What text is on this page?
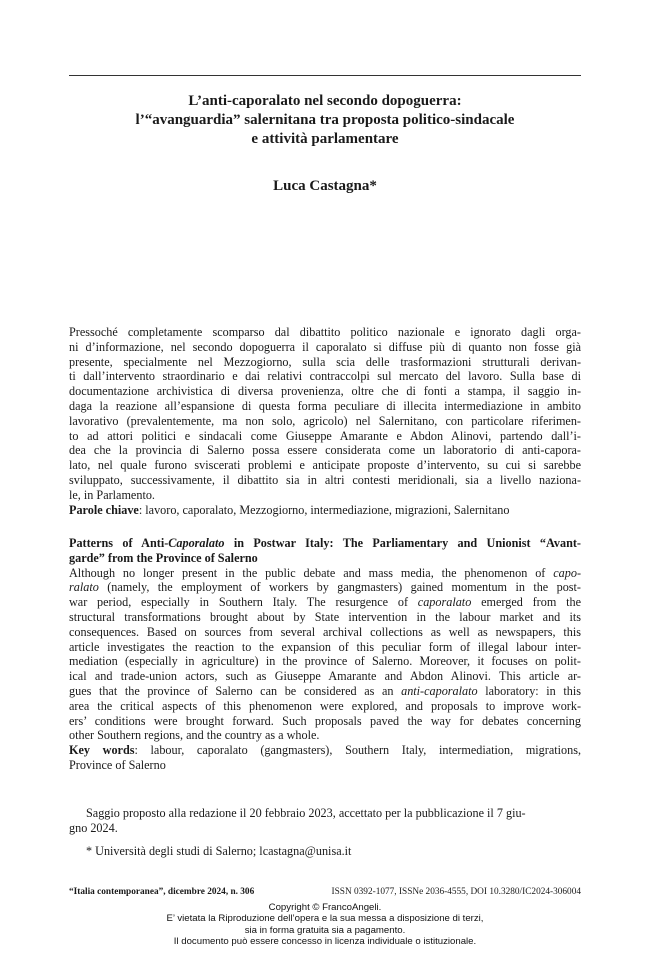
L’anti-caporalato nel secondo dopoguerra:
l’“avanguardia” salernitana tra proposta politico-sindacale
e attività parlamentare
Luca Castagna*
Pressoché completamente scomparso dal dibattito politico nazionale e ignorato dagli orga-
ni d’informazione, nel secondo dopoguerra il caporalato si diffuse più di quanto non fosse già
presente, specialmente nel Mezzogiorno, sulla scia delle trasformazioni strutturali derivan-
ti dall’intervento straordinario e dai relativi contraccolpi sul mercato del lavoro. Sulla base di
documentazione archivistica di diversa provenienza, oltre che di fonti a stampa, il saggio in-
daga la reazione all’espansione di questa forma peculiare di illecita intermediazione in ambito
lavorativo (prevalentemente, ma non solo, agricolo) nel Salernitano, con particolare riferimen-
to ad attori politici e sindacali come Giuseppe Amarante e Abdon Alinovi, partendo dall’i-
dea che la provincia di Salerno possa essere considerata come un laboratorio di anti-capora-
lato, nel quale furono sviscerati problemi e anticipate proposte d’intervento, su cui si sarebbe
sviluppato, successivamente, il dibattito sia in altri contesti meridionali, sia a livello naziona-
le, in Parlamento.
Parole chiave: lavoro, caporalato, Mezzogiorno, intermediazione, migrazioni, Salernitano
Patterns of Anti-Caporalato in Postwar Italy: The Parliamentary and Unionist “Avant-
garde” from the Province of Salerno
Although no longer present in the public debate and mass media, the phenomenon of capo-
ralato (namely, the employment of workers by gangmasters) gained momentum in the post-
war period, especially in Southern Italy. The resurgence of caporalato emerged from the
structural transformations brought about by State intervention in the labour market and its
consequences. Based on sources from several archival collections as well as newspapers, this
article investigates the reaction to the expansion of this peculiar form of illegal labour inter-
mediation (especially in agriculture) in the province of Salerno. Moreover, it focuses on polit-
ical and trade-union actors, such as Giuseppe Amarante and Abdon Alinovi. This article ar-
gues that the province of Salerno can be considered as an anti-caporalato laboratory: in this
area the critical aspects of this phenomenon were explored, and proposals to improve work-
ers’ conditions were brought forward. Such proposals paved the way for debates concerning
other Southern regions, and the country as a whole.
Key words: labour, caporalato (gangmasters), Southern Italy, intermediation, migrations,
Province of Salerno
Saggio proposto alla redazione il 20 febbraio 2023, accettato per la pubblicazione il 7 giu-
gno 2024.
* Università degli studi di Salerno; lcastagna@unisa.it
“Italia contemporanea”, dicembre 2024, n. 306	ISSN 0392-1077, ISSNe 2036-4555, DOI 10.3280/IC2024-306004
Copyright © FrancoAngeli.
E’ vietata la Riproduzione dell’opera e la sua messa a disposizione di terzi,
sia in forma gratuita sia a pagamento.
Il documento può essere concesso in licenza individuale o istituzionale.
